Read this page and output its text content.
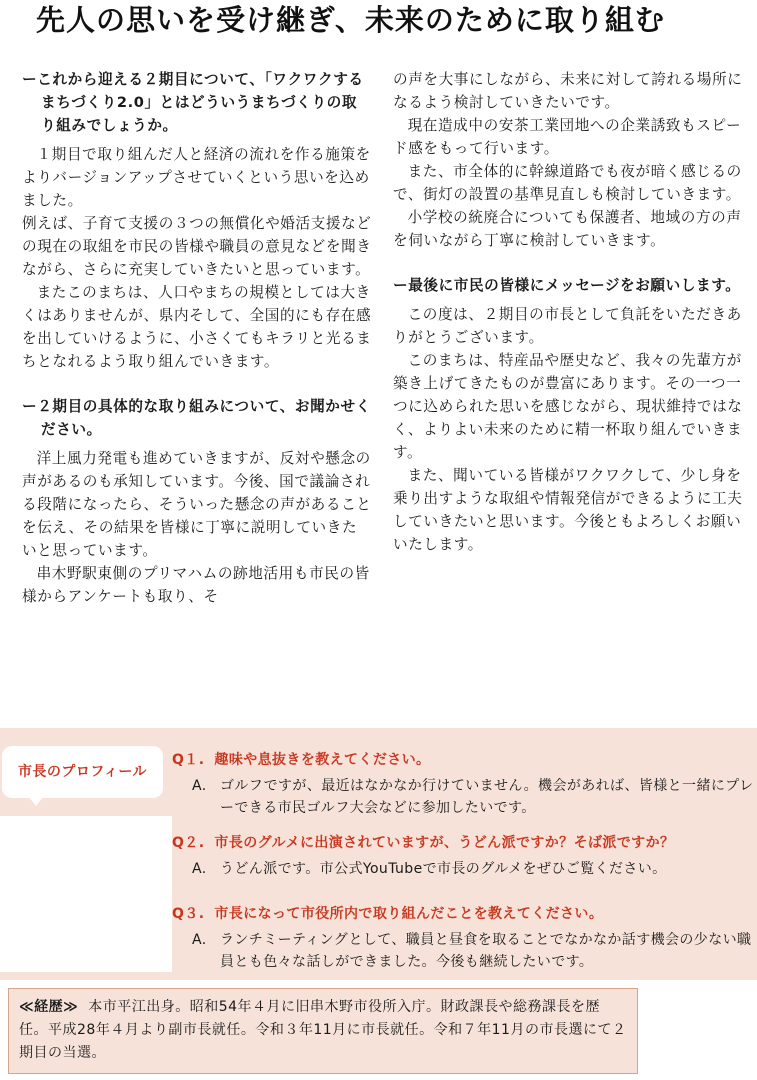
先人の思いを受け継ぎ、未来のために取り組む
ーこれから迎える２期目について、「ワクワクするまちづくり2.0」とはどういうまちづくりの取り組みでしょうか。

１期目で取り組んだ人と経済の流れを作る施策をよりバージョンアップさせていくという思いを込めました。

例えば、子育て支援の３つの無償化や婚活支援などの現在の取組を市民の皆様や職員の意見などを聞きながら、さらに充実していきたいと思っています。

またこのまちは、人口やまちの規模としては大きくはありませんが、県内そして、全国的にも存在感を出していけるように、小さくてもキラリと光るまちとなれるよう取り組んでいきます。

ー２期目の具体的な取り組みについて、お聞かせください。

洋上風力発電も進めていきますが、反対や懸念の声があるのも承知しています。今後、国で議論される段階になったら、そういった懸念の声があることを伝え、その結果を皆様に丁寧に説明していきたいと思っています。

串木野駅東側のプリマハムの跡地活用も市民の皆様からアンケートも取り、そ

の声を大事にしながら、未来に対して誇れる場所になるよう検討していきたいです。

現在造成中の安茶工業団地への企業誘致もスピード感をもって行います。

また、市全体的に幹線道路でも夜が暗く感じるので、街灯の設置の基準見直しも検討していきます。

小学校の統廃合についても保護者、地域の方の声を伺いながら丁寧に検討していきます。

ー最後に市民の皆様にメッセージをお願いします。

この度は、２期目の市長として負託をいただきありがとうございます。

このまちは、特産品や歴史など、我々の先輩方が築き上げてきたものが豊富にあります。その一つ一つに込められた思いを感じながら、現状維持ではなく、よりよい未来のために精一杯取り組んでいきます。

また、聞いている皆様がワクワクして、少し身を乗り出すような取組や情報発信ができるように工夫していきたいと思います。今後ともよろしくお願いいたします。

市長のプロフィール
Q１. 趣味や息抜きを教えてください。
A. ゴルフですが、最近はなかなか行けていません。機会があれば、皆様と一緒にプレーできる市民ゴルフ大会などに参加したいです。
Q２. 市長のグルメに出演されていますが、うどん派ですか？そば派ですか？
A. うどん派です。市公式YouTubeで市長のグルメをぜひご覧ください。
Q３. 市長になって市役所内で取り組んだことを教えてください。
A. ランチミーティングとして、職員と昼食を取ることでなかなか話す機会の少ない職員とも色々な話しができました。今後も継続したいです。
≪経歴≫ 本市平江出身。昭和54年４月に旧串木野市役所入庁。財政課長や総務課長を歴任。平成28年４月より副市長就任。令和３年11月に市長就任。令和７年11月の市長選にて２期目の当選。
